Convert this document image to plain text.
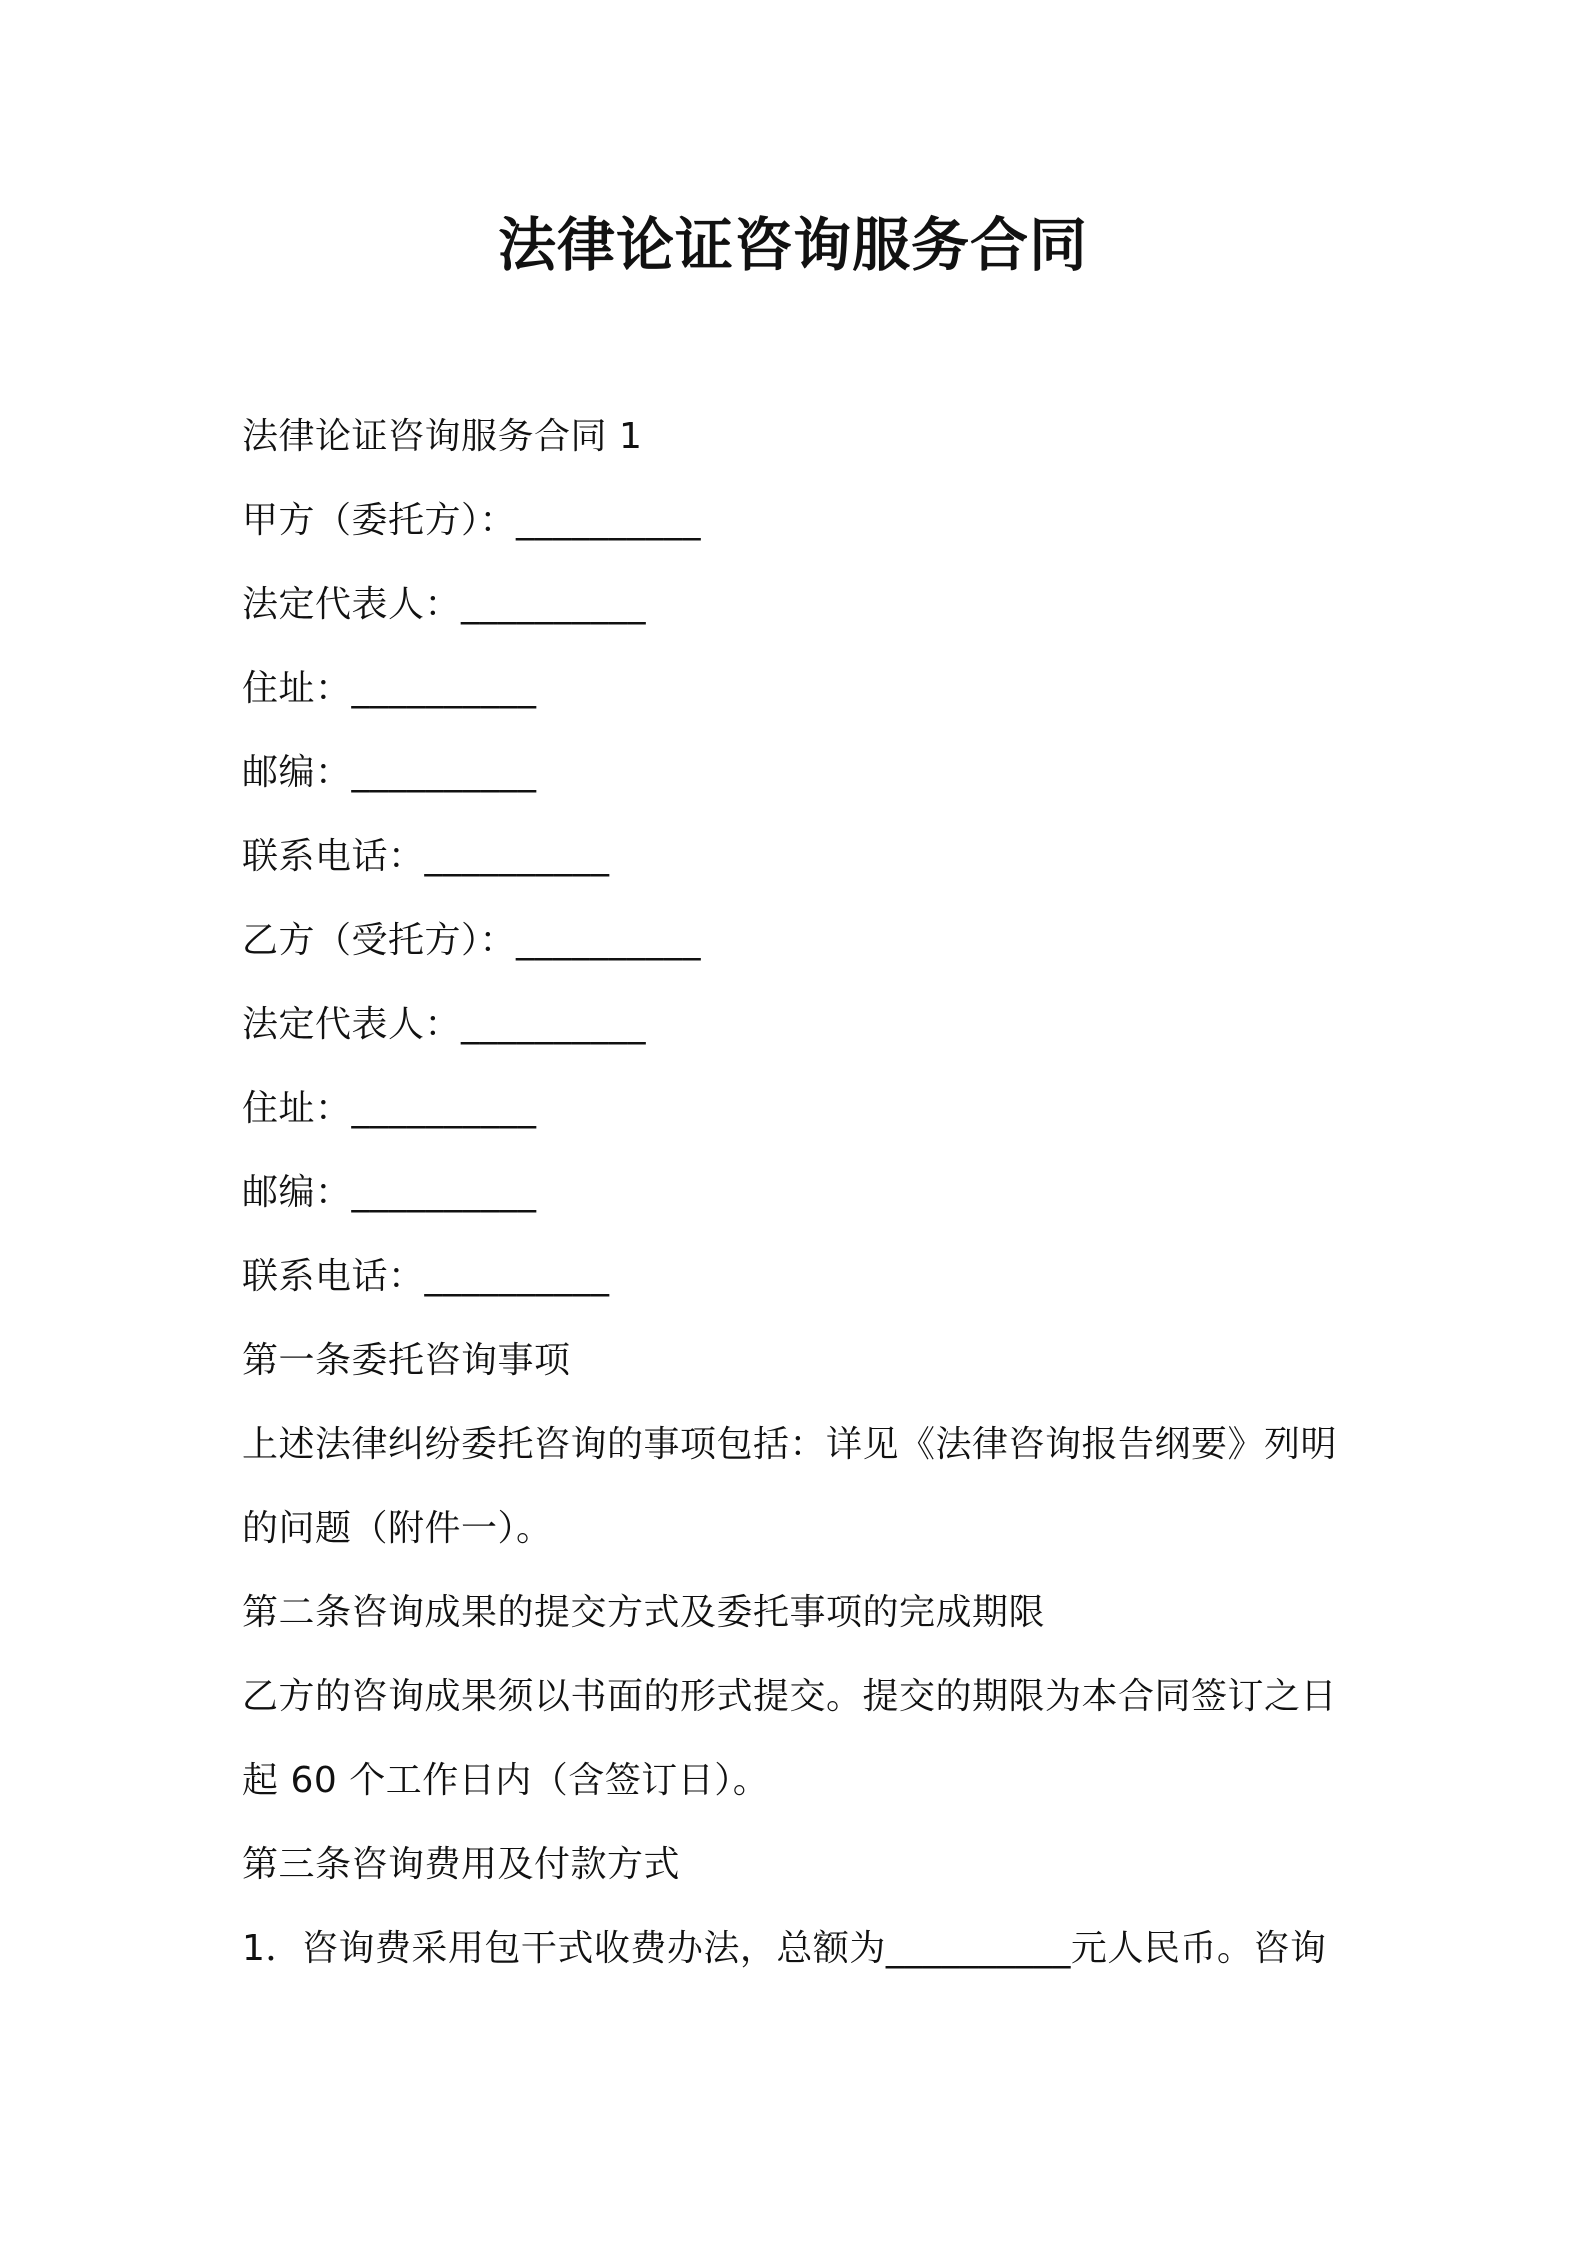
法律论证咨询服务合同
法律论证咨询服务合同 1
甲方（委托方）：__________
法定代表人：__________
住址：__________
邮编：__________
联系电话：__________
乙方（受托方）：__________
法定代表人：__________
住址：__________
邮编：__________
联系电话：__________
第一条委托咨询事项
上述法律纠纷委托咨询的事项包括：详见《法律咨询报告纲要》列明
的问题（附件一）。
第二条咨询成果的提交方式及委托事项的完成期限
乙方的咨询成果须以书面的形式提交。提交的期限为本合同签订之日
起 60 个工作日内（含签订日）。
第三条咨询费用及付款方式
1．咨询费采用包干式收费办法，总额为__________元人民币。咨询
